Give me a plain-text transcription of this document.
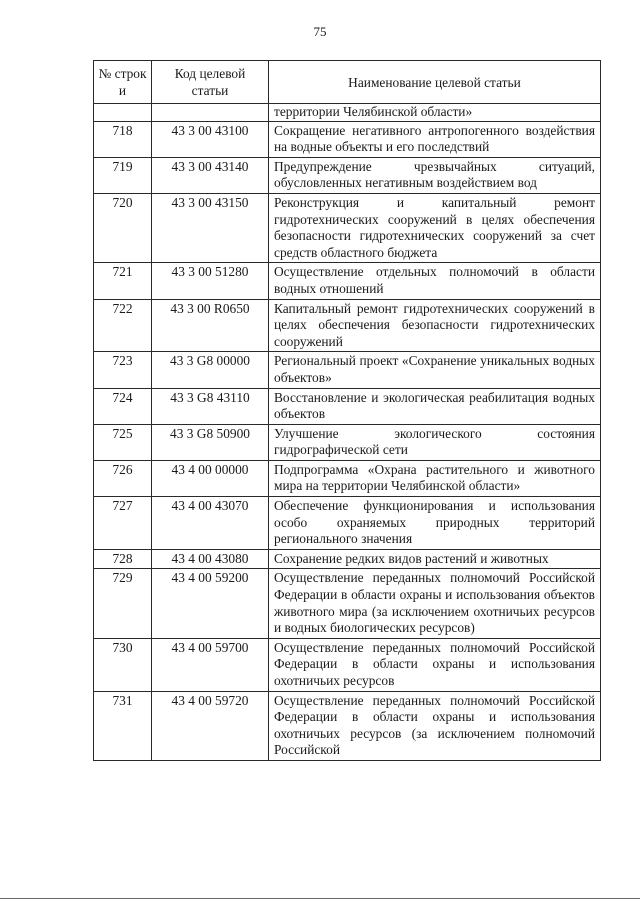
75
№ строк и	Код целевой статьи	Наименование целевой статьи
		территории Челябинской области»
718	43 3 00 43100	Сокращение негативного антропогенного воздействия на водные объекты и его последствий
719	43 3 00 43140	Предупреждение чрезвычайных ситуаций, обусловленных негативным воздействием вод
720	43 3 00 43150	Реконструкция и капитальный ремонт гидротехнических сооружений в целях обеспечения безопасности гидротехнических сооружений за счет средств областного бюджета
721	43 3 00 51280	Осуществление отдельных полномочий в области водных отношений
722	43 3 00 R0650	Капитальный ремонт гидротехнических сооружений в целях обеспечения безопасности гидротехнических сооружений
723	43 3 G8 00000	Региональный проект «Сохранение уникальных водных объектов»
724	43 3 G8 43110	Восстановление и экологическая реабилитация водных объектов
725	43 3 G8 50900	Улучшение экологического состояния гидрографической сети
726	43 4 00 00000	Подпрограмма «Охрана растительного и животного мира на территории Челябинской области»
727	43 4 00 43070	Обеспечение функционирования и использования особо охраняемых природных территорий регионального значения
728	43 4 00 43080	Сохранение редких видов растений и животных
729	43 4 00 59200	Осуществление переданных полномочий Российской Федерации в области охраны и использования объектов животного мира (за исключением охотничьих ресурсов и водных биологических ресурсов)
730	43 4 00 59700	Осуществление переданных полномочий Российской Федерации в области охраны и использования охотничьих ресурсов
731	43 4 00 59720	Осуществление переданных полномочий Российской Федерации в области охраны и использования охотничьих ресурсов (за исключением полномочий Российской
